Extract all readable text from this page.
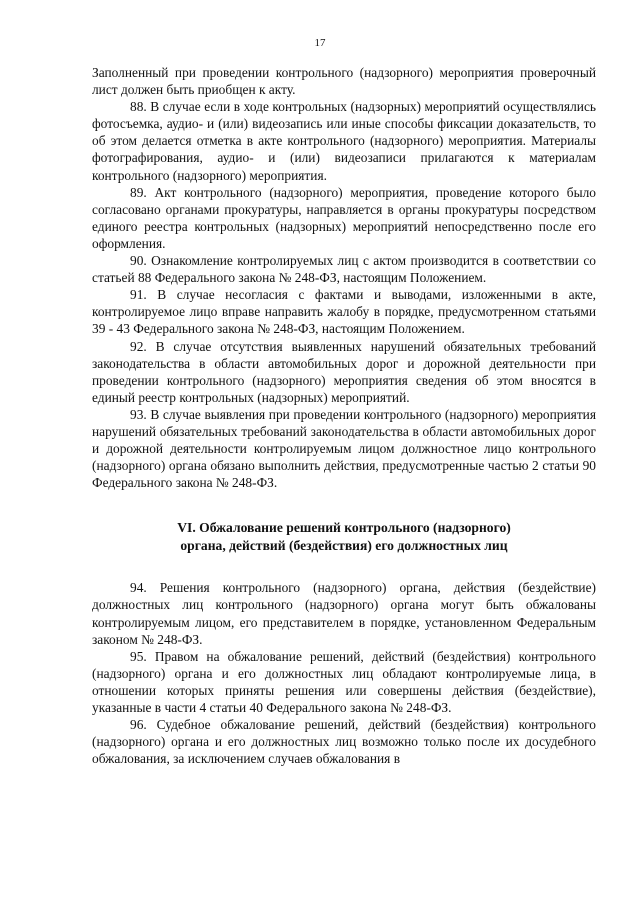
17

Заполненный при проведении контрольного (надзорного) мероприятия проверочный лист должен быть приобщен к акту.

88. В случае если в ходе контрольных (надзорных) мероприятий осуществлялись фотосъемка, аудио- и (или) видеозапись или иные способы фиксации доказательств, то об этом делается отметка в акте контрольного (надзорного) мероприятия. Материалы фотографирования, аудио- и (или) видеозаписи прилагаются к материалам контрольного (надзорного) мероприятия.

89. Акт контрольного (надзорного) мероприятия, проведение которого было согласовано органами прокуратуры, направляется в органы прокуратуры посредством единого реестра контрольных (надзорных) мероприятий непосредственно после его оформления.

90. Ознакомление контролируемых лиц с актом производится в соответствии со статьей 88 Федерального закона № 248-ФЗ, настоящим Положением.

91. В случае несогласия с фактами и выводами, изложенными в акте, контролируемое лицо вправе направить жалобу в порядке, предусмотренном статьями 39 - 43 Федерального закона № 248-ФЗ, настоящим Положением.

92. В случае отсутствия выявленных нарушений обязательных требований законодательства в области автомобильных дорог и дорожной деятельности при проведении контрольного (надзорного) мероприятия сведения об этом вносятся в единый реестр контрольных (надзорных) мероприятий.

93. В случае выявления при проведении контрольного (надзорного) мероприятия нарушений обязательных требований законодательства в области автомобильных дорог и дорожной деятельности контролируемым лицом должностное лицо контрольного (надзорного) органа обязано выполнить действия, предусмотренные частью 2 статьи 90 Федерального закона № 248-ФЗ.

VI. Обжалование решений контрольного (надзорного)
органа, действий (бездействия) его должностных лиц

94. Решения контрольного (надзорного) органа, действия (бездействие) должностных лиц контрольного (надзорного) органа могут быть обжалованы контролируемым лицом, его представителем в порядке, установленном Федеральным законом № 248-ФЗ.

95. Правом на обжалование решений, действий (бездействия) контрольного (надзорного) органа и его должностных лиц обладают контролируемые лица, в отношении которых приняты решения или совершены действия (бездействие), указанные в части 4 статьи 40 Федерального закона № 248-ФЗ.

96. Судебное обжалование решений, действий (бездействия) контрольного (надзорного) органа и его должностных лиц возможно только после их досудебного обжалования, за исключением случаев обжалования в
